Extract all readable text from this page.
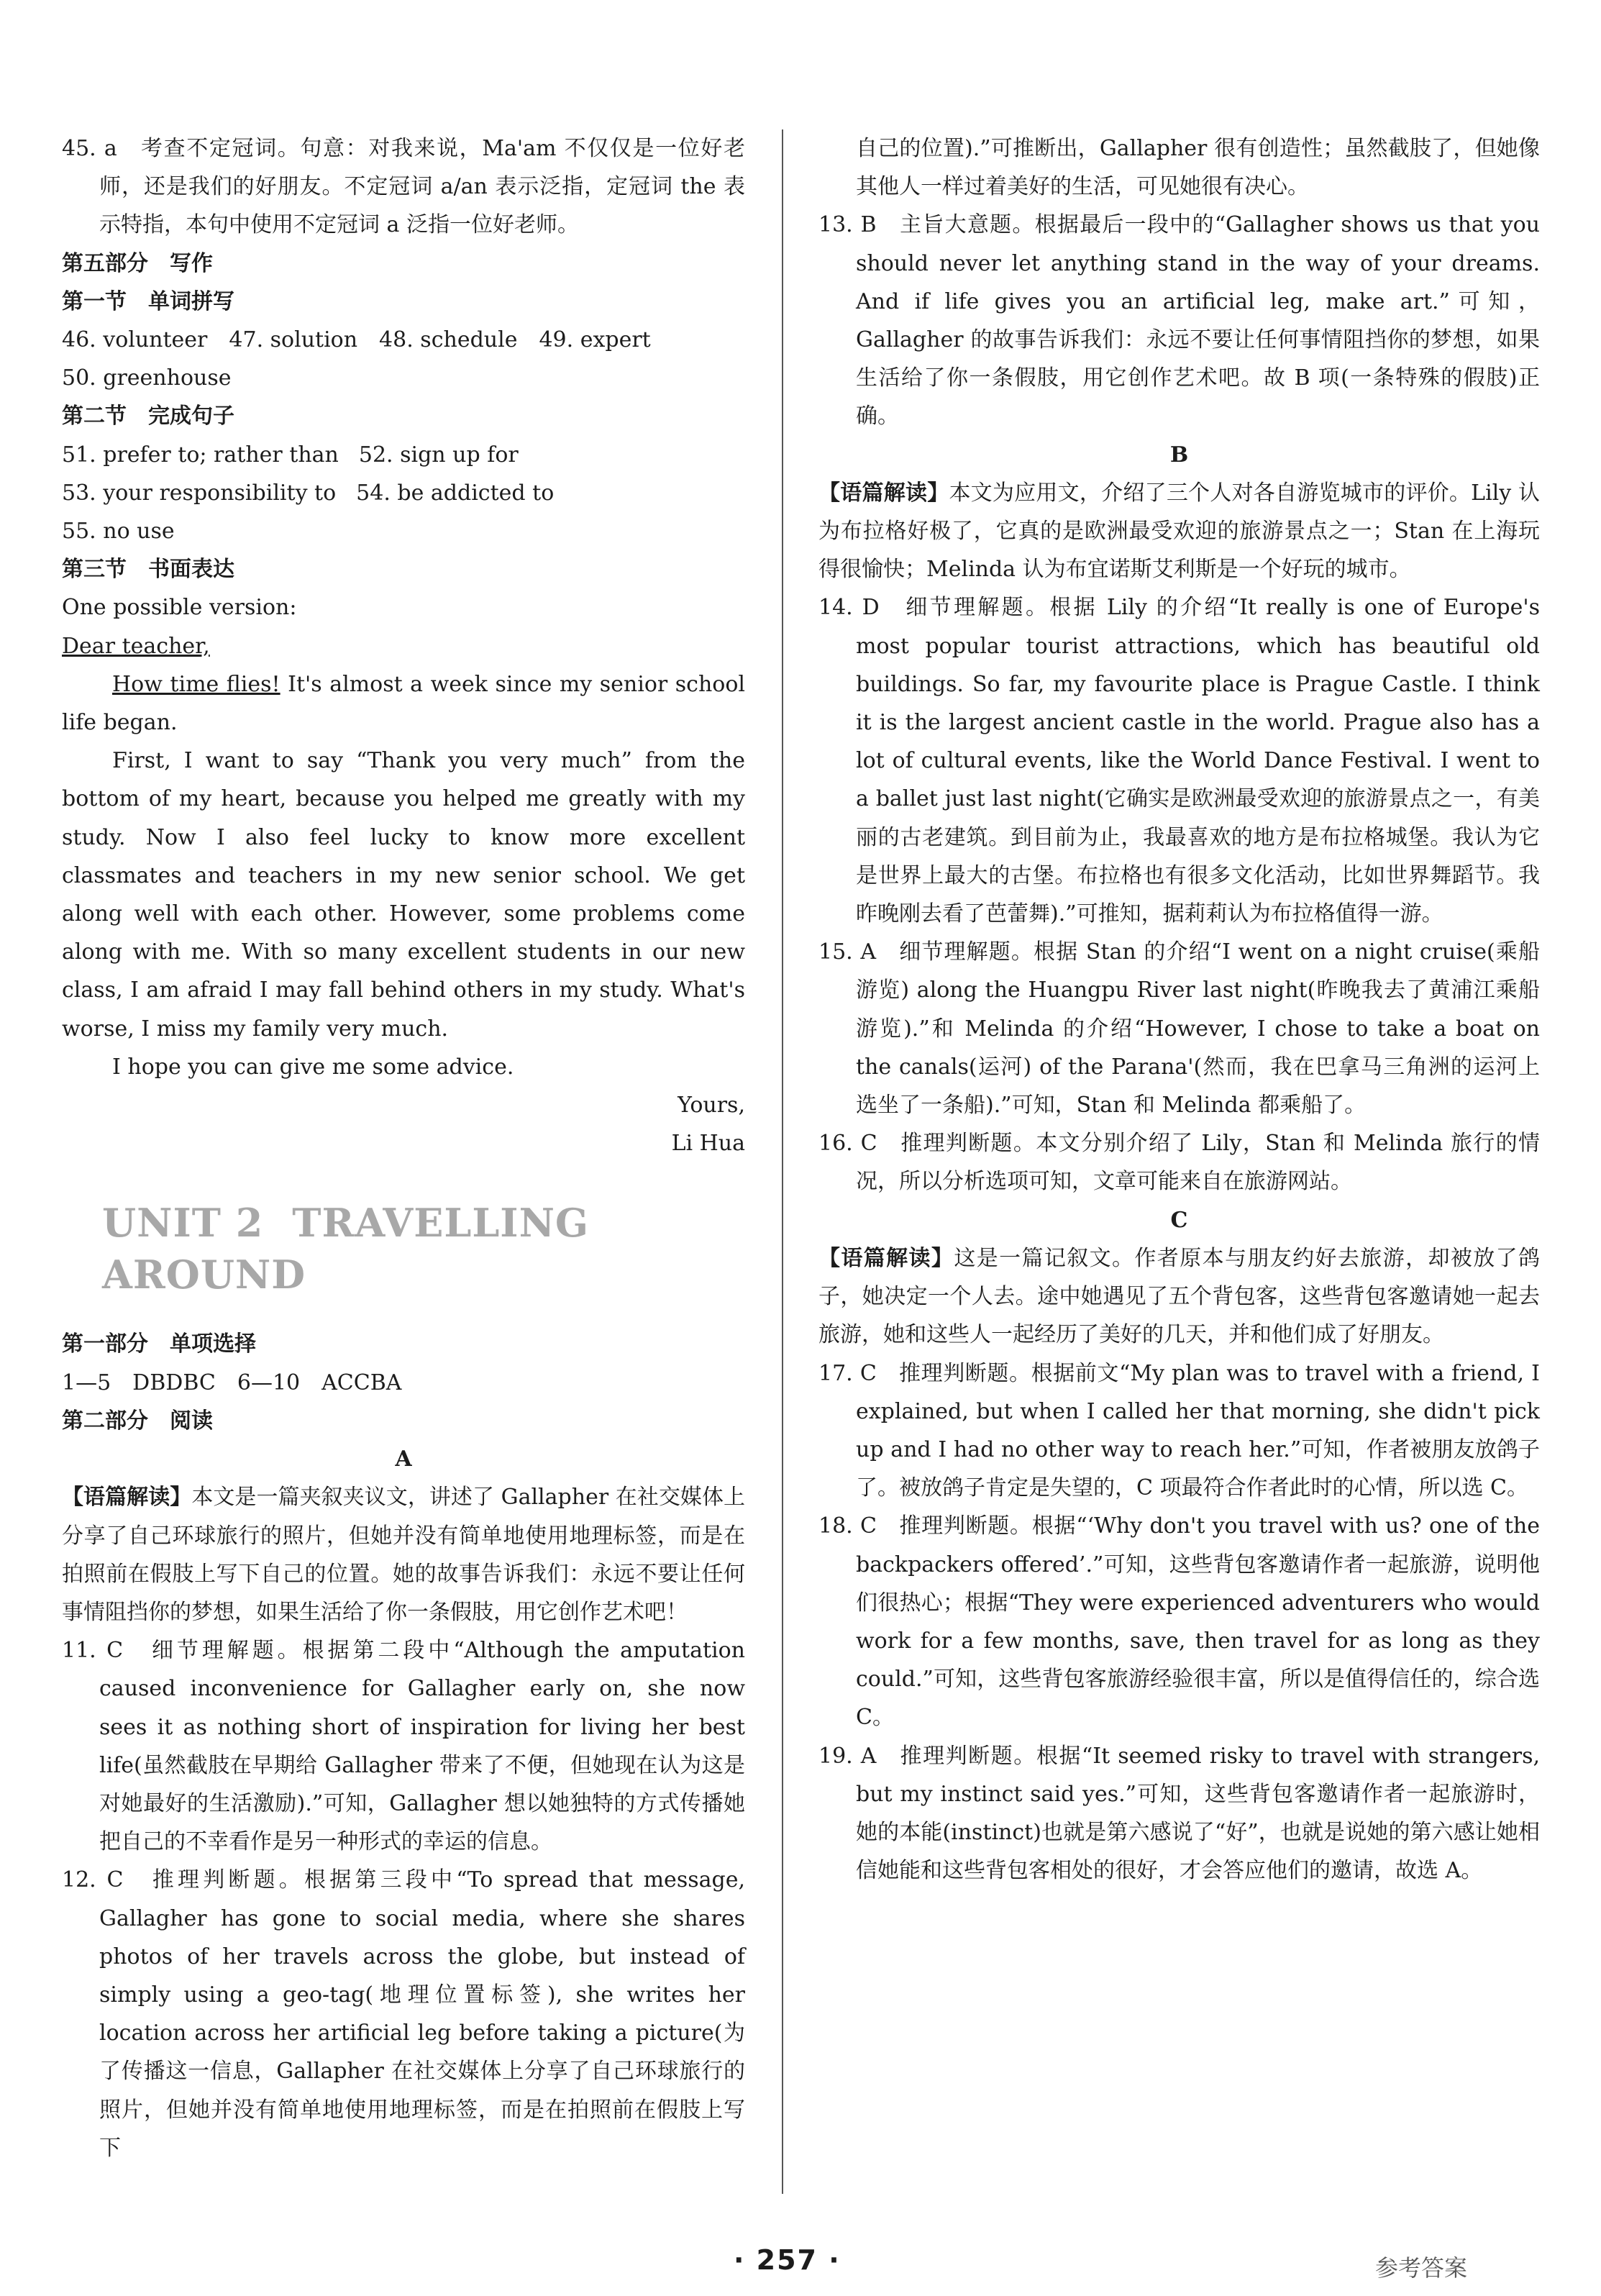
45. a　考查不定冠词。句意：对我来说，Ma'am 不仅仅是一位好老师，还是我们的好朋友。不定冠词 a/an 表示泛指，定冠词 the 表示特指，本句中使用不定冠词 a 泛指一位好老师。

第五部分　写作

第一节　单词拼写

46. volunteer　47. solution　48. schedule　49. expert

50. greenhouse

第二节　完成句子

51. prefer to; rather than 52. sign up for

53. your responsibility to 54. be addicted to

55. no use

第三节　书面表达

One possible version:

Dear teacher,

How time flies! It's almost a week since my senior school life began.

First, I want to say “Thank you very much” from the bottom of my heart, because you helped me greatly with my study. Now I also feel lucky to know more excellent classmates and teachers in my new senior school. We get along well with each other. However, some problems come along with me. With so many excellent students in our new class, I am afraid I may fall behind others in my study. What's worse, I miss my family very much.

I hope you can give me some advice.

Yours,

Li Hua

UNIT 2 TRAVELLING AROUND

第一部分　单项选择

1—5　DBDBC　6—10　ACCBA

第二部分　阅读

A

【语篇解读】本文是一篇夹叙夹议文，讲述了 Gallapher 在社交媒体上分享了自己环球旅行的照片，但她并没有简单地使用地理标签，而是在拍照前在假肢上写下自己的位置。她的故事告诉我们：永远不要让任何事情阻挡你的梦想，如果生活给了你一条假肢，用它创作艺术吧！

11. C　细节理解题。根据第二段中“Although the amputation caused inconvenience for Gallagher early on, she now sees it as nothing short of inspiration for living her best life(虽然截肢在早期给 Gallagher 带来了不便，但她现在认为这是对她最好的生活激励).”可知，Gallagher 想以她独特的方式传播她把自己的不幸看作是另一种形式的幸运的信息。

12. C　推理判断题。根据第三段中“To spread that message, Gallagher has gone to social media, where she shares photos of her travels across the globe, but instead of simply using a geo-tag(地理位置标签), she writes her location across her artificial leg before taking a picture(为了传播这一信息，Gallapher 在社交媒体上分享了自己环球旅行的照片，但她并没有简单地使用地理标签，而是在拍照前在假肢上写下

自己的位置).”可推断出，Gallapher 很有创造性；虽然截肢了，但她像其他人一样过着美好的生活，可见她很有决心。

13. B　主旨大意题。根据最后一段中的“Gallagher shows us that you should never let anything stand in the way of your dreams. And if life gives you an artificial leg, make art.”可知，Gallagher 的故事告诉我们：永远不要让任何事情阻挡你的梦想，如果生活给了你一条假肢，用它创作艺术吧。故 B 项(一条特殊的假肢)正确。

B

【语篇解读】本文为应用文，介绍了三个人对各自游览城市的评价。Lily 认为布拉格好极了，它真的是欧洲最受欢迎的旅游景点之一；Stan 在上海玩得很愉快；Melinda 认为布宜诺斯艾利斯是一个好玩的城市。

14. D　细节理解题。根据 Lily 的介绍“It really is one of Europe's most popular tourist attractions, which has beautiful old buildings. So far, my favourite place is Prague Castle. I think it is the largest ancient castle in the world. Prague also has a lot of cultural events, like the World Dance Festival. I went to a ballet just last night(它确实是欧洲最受欢迎的旅游景点之一，有美丽的古老建筑。到目前为止，我最喜欢的地方是布拉格城堡。我认为它是世界上最大的古堡。布拉格也有很多文化活动，比如世界舞蹈节。我昨晚刚去看了芭蕾舞).”可推知，据莉莉认为布拉格值得一游。

15. A　细节理解题。根据 Stan 的介绍“I went on a night cruise(乘船游览) along the Huangpu River last night(昨晚我去了黄浦江乘船游览).”和 Melinda 的介绍“However, I chose to take a boat on the canals(运河) of the Parana'(然而，我在巴拿马三角洲的运河上选坐了一条船).”可知，Stan 和 Melinda 都乘船了。

16. C　推理判断题。本文分别介绍了 Lily，Stan 和 Melinda 旅行的情况，所以分析选项可知，文章可能来自在旅游网站。

C

【语篇解读】这是一篇记叙文。作者原本与朋友约好去旅游，却被放了鸽子，她决定一个人去。途中她遇见了五个背包客，这些背包客邀请她一起去旅游，她和这些人一起经历了美好的几天，并和他们成了好朋友。

17. C　推理判断题。根据前文“My plan was to travel with a friend, I explained, but when I called her that morning, she didn't pick up and I had no other way to reach her.”可知，作者被朋友放鸽子了。被放鸽子肯定是失望的，C 项最符合作者此时的心情，所以选 C。

18. C　推理判断题。根据“‘Why don't you travel with us? one of the backpackers offered’.”可知，这些背包客邀请作者一起旅游，说明他们很热心；根据“They were experienced adventurers who would work for a few months, save, then travel for as long as they could.”可知，这些背包客旅游经验很丰富，所以是值得信任的，综合选 C。

19. A　推理判断题。根据“It seemed risky to travel with strangers, but my instinct said yes.”可知，这些背包客邀请作者一起旅游时，她的本能(instinct)也就是第六感说了“好”，也就是说她的第六感让她相信她能和这些背包客相处的很好，才会答应他们的邀请，故选 A。

· 257 ·	参考答案
